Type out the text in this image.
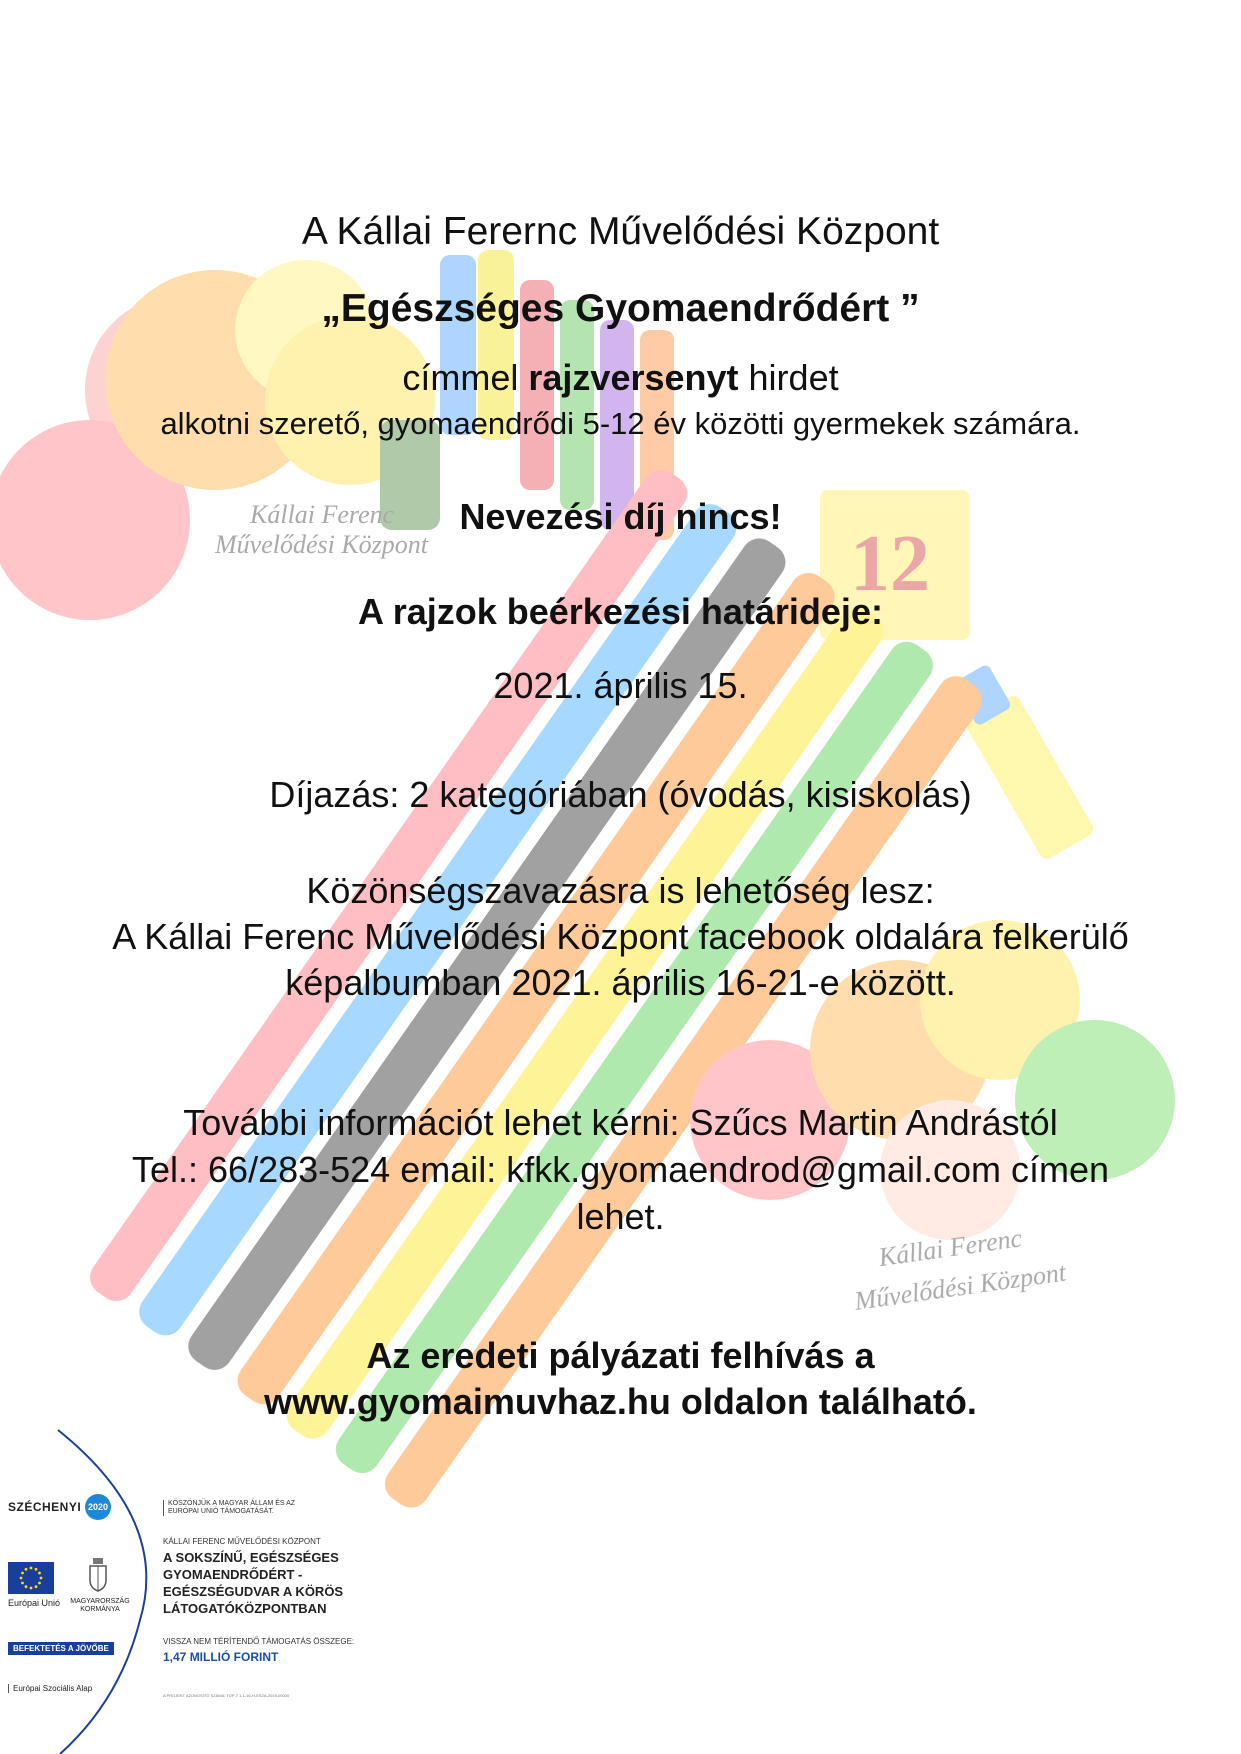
12
Kállai Ferenc
Művelődési Központ
Kállai Ferenc
Művelődési Központ
A Kállai Ferernc Művelődési Központ
„Egészséges Gyomaendrődért ”
címmel rajzversenyt hirdet
alkotni szerető, gyomaendrődi 5-12 év közötti gyermekek számára.
Nevezési díj nincs!
A rajzok beérkezési határideje:
2021. április 15.
Díjazás: 2 kategóriában (óvodás, kisiskolás)
Közönségszavazásra is lehetőség lesz:
A Kállai Ferenc Művelődési Központ facebook oldalára felkerülő
képalbumban 2021. április 16-21-e között.
További információt lehet kérni: Szűcs Martin Andrástól
Tel.: 66/283-524 email: kfkk.gyomaendrod@gmail.com címen
lehet.
Az eredeti pályázati felhívás a
www.gyomaimuvhaz.hu oldalon található.
SZÉCHENYI 2020
Európai Unió	MAGYARORSZÁG KORMÁNYA
BEFEKTETÉS A JÖVŐBE
Európai Szociális Alap
KÖSZÖNJÜK A MAGYAR ÁLLAM ÉS AZ EURÓPAI UNIÓ TÁMOGATÁSÁT.
KÁLLAI FERENC MŰVELŐDÉSI KÖZPONT
A SOKSZÍNŰ, EGÉSZSÉGES GYOMAENDRŐDÉRT - EGÉSZSÉGUDVAR A KÖRÖS LÁTOGATÓKÖZPONTBAN
VISSZA NEM TÉRÍTENDŐ TÁMOGATÁS ÖSSZEGE:
1,47 MILLIÓ FORINT
A PROJEKT AZONOSÍTÓ SZÁMA: TOP-7.1.1-16-H-ESZA-2019-00020
